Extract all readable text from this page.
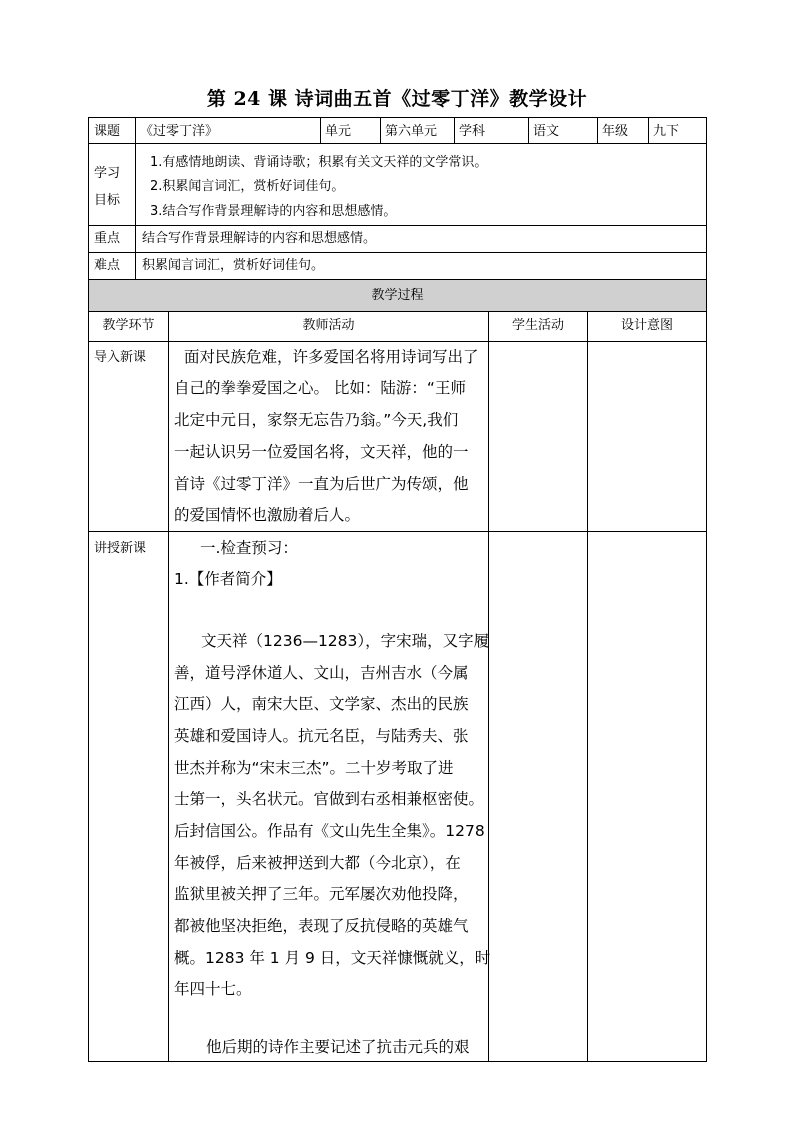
第 24 课 诗词曲五首《过零丁洋》教学设计
课题 《过零丁洋》	单元	第六单元 学科	语文	年级 九下
学习
目标
1.有感情地朗读、背诵诗歌；积累有关文天祥的文学常识。
2.积累闻言词汇，赏析好词佳句。
3.结合写作背景理解诗的内容和思想感情。
重点 结合写作背景理解诗的内容和思想感情。
难点 积累闻言词汇，赏析好词佳句。
教学过程
教学环节	教师活动	学生活动	设计意图
导入新课 面对民族危难，许多爱国名将用诗词写出了
自己的拳拳爱国之心。 比如：陆游：“王师
北定中元日，家祭无忘告乃翁。”今天,我们
一起认识另一位爱国名将，文天祥，他的一
首诗《过零丁洋》一直为后世广为传颂，他
的爱国情怀也激励着后人。
讲授新课	一.检查预习：
1.【作者简介】
文天祥（1236—1283），字宋瑞，又字履
善，道号浮休道人、文山，吉州吉水（今属
江西）人，南宋大臣、文学家、杰出的民族
英雄和爱国诗人。抗元名臣，与陆秀夫、张
世杰并称为“宋末三杰”。二十岁考取了进
士第一，头名状元。官做到右丞相兼枢密使。
后封信国公。作品有《文山先生全集》。1278
年被俘，后来被押送到大都（今北京），在
监狱里被关押了三年。元军屡次劝他投降，
都被他坚决拒绝，表现了反抗侵略的英雄气
概。1283 年 1 月 9 日，文天祥慷慨就义，时
年四十七。
他后期的诗作主要记述了抗击元兵的艰
